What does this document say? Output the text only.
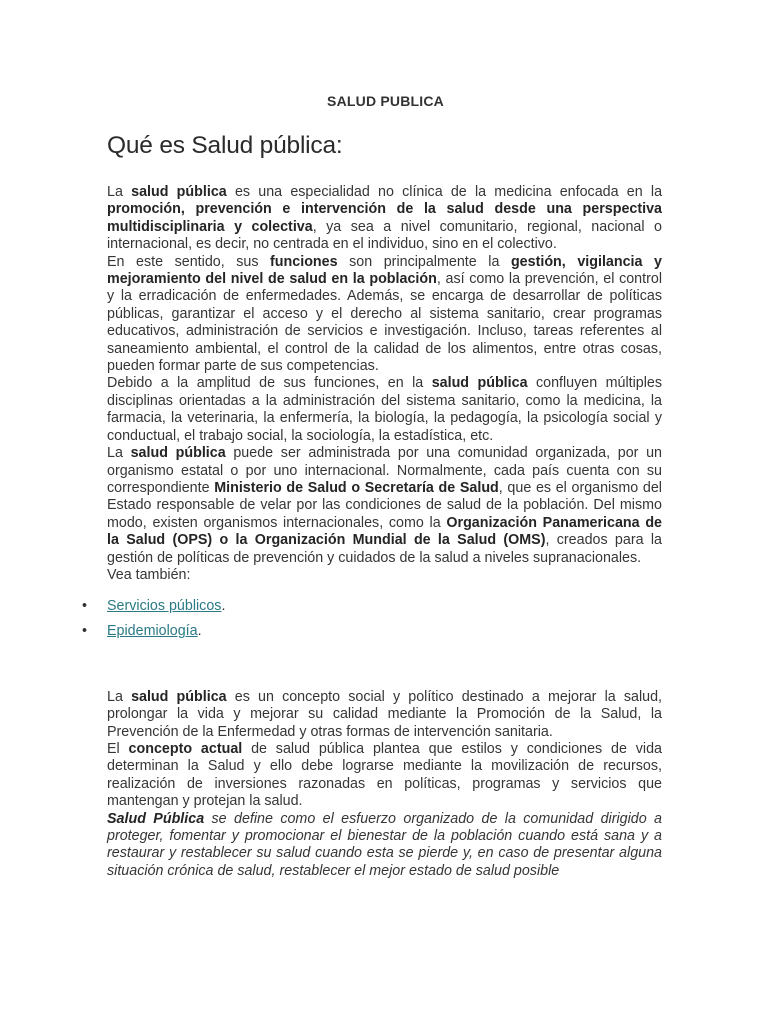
SALUD PUBLICA
Qué es Salud pública:

La salud pública es una especialidad no clínica de la medicina enfocada en la promoción, prevención e intervención de la salud desde una perspectiva multidisciplinaria y colectiva, ya sea a nivel comunitario, regional, nacional o internacional, es decir, no centrada en el individuo, sino en el colectivo.

En este sentido, sus funciones son principalmente la gestión, vigilancia y mejoramiento del nivel de salud en la población, así como la prevención, el control y la erradicación de enfermedades. Además, se encarga de desarrollar de políticas públicas, garantizar el acceso y el derecho al sistema sanitario, crear programas educativos, administración de servicios e investigación. Incluso, tareas referentes al saneamiento ambiental, el control de la calidad de los alimentos, entre otras cosas, pueden formar parte de sus competencias.

Debido a la amplitud de sus funciones, en la salud pública confluyen múltiples disciplinas orientadas a la administración del sistema sanitario, como la medicina, la farmacia, la veterinaria, la enfermería, la biología, la pedagogía, la psicología social y conductual, el trabajo social, la sociología, la estadística, etc.

La salud pública puede ser administrada por una comunidad organizada, por un organismo estatal o por uno internacional. Normalmente, cada país cuenta con su correspondiente Ministerio de Salud o Secretaría de Salud, que es el organismo del Estado responsable de velar por las condiciones de salud de la población. Del mismo modo, existen organismos internacionales, como la Organización Panamericana de la Salud (OPS) o la Organización Mundial de la Salud (OMS), creados para la gestión de políticas de prevención y cuidados de la salud a niveles supranacionales.

Vea también:

•	Servicios públicos.
•	Epidemiología.

La salud pública es un concepto social y político destinado a mejorar la salud, prolongar la vida y mejorar su calidad mediante la Promoción de la Salud, la Prevención de la Enfermedad y otras formas de intervención sanitaria.

El concepto actual de salud pública plantea que estilos y condiciones de vida determinan la Salud y ello debe lograrse mediante la movilización de recursos, realización de inversiones razonadas en políticas, programas y servicios que mantengan y protejan la salud.

Salud Pública se define como el esfuerzo organizado de la comunidad dirigido a proteger, fomentar y promocionar el bienestar de la población cuando está sana y a restaurar y restablecer su salud cuando esta se pierde y, en caso de presentar alguna situación crónica de salud, restablecer el mejor estado de salud posible
